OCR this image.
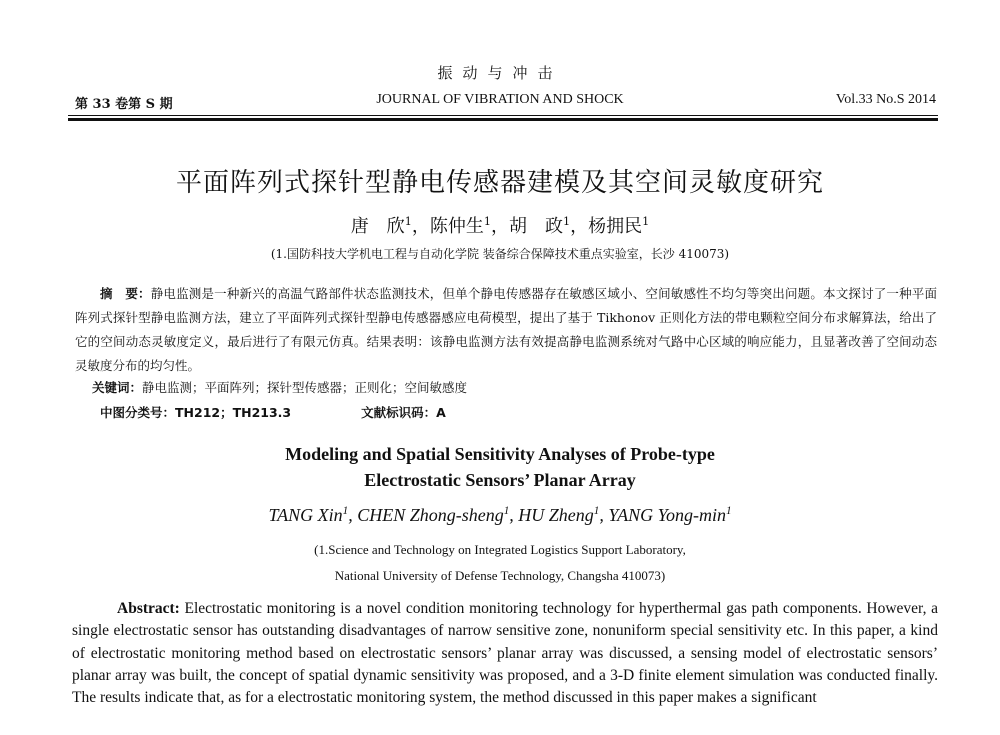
振动与冲击
第 33 卷第 S 期	JOURNAL OF VIBRATION AND SHOCK	Vol.33 No.S 2014
平面阵列式探针型静电传感器建模及其空间灵敏度研究
唐　欣$^1$，陈仲生$^1$，胡　政$^1$，杨拥民$^1$
(1.国防科技大学机电工程与自动化学院 装备综合保障技术重点实验室，长沙 410073)
摘　要：静电监测是一种新兴的高温气路部件状态监测技术，但单个静电传感器存在敏感区域小、空间敏感性不均匀等突出问题。本文探讨了一种平面阵列式探针型静电监测方法，建立了平面阵列式探针型静电传感器感应电荷模型，提出了基于 Tikhonov 正则化方法的带电颗粒空间分布求解算法，给出了它的空间动态灵敏度定义，最后进行了有限元仿真。结果表明：该静电监测方法有效提高静电监测系统对气路中心区域的响应能力，且显著改善了空间动态灵敏度分布的均匀性。
关键词：静电监测；平面阵列；探针型传感器；正则化；空间敏感度
中图分类号：TH212；TH213.3	文献标识码：A
Modeling and Spatial Sensitivity Analyses of Probe-type
Electrostatic Sensors’ Planar Array
TANG Xin$^1$, CHEN Zhong-sheng$^1$, HU Zheng$^1$, YANG Yong-$\min^1$
(1.Science and Technology on Integrated Logistics Support Laboratory,
National University of Defense Technology, Changsha 410073)
Abstract: Electrostatic monitoring is a novel condition monitoring technology for hyperthermal gas path components. However, a single electrostatic sensor has outstanding disadvantages of narrow sensitive zone, nonuniform special sensitivity etc. In this paper, a kind of electrostatic monitoring method based on electrostatic sensors’ planar array was discussed, a sensing model of electrostatic sensors’ planar array was built, the concept of spatial dynamic sensitivity was proposed, and a 3-D finite element simulation was conducted finally. The results indicate that, as for a electrostatic monitoring system, the method discussed in this paper makes a significant
